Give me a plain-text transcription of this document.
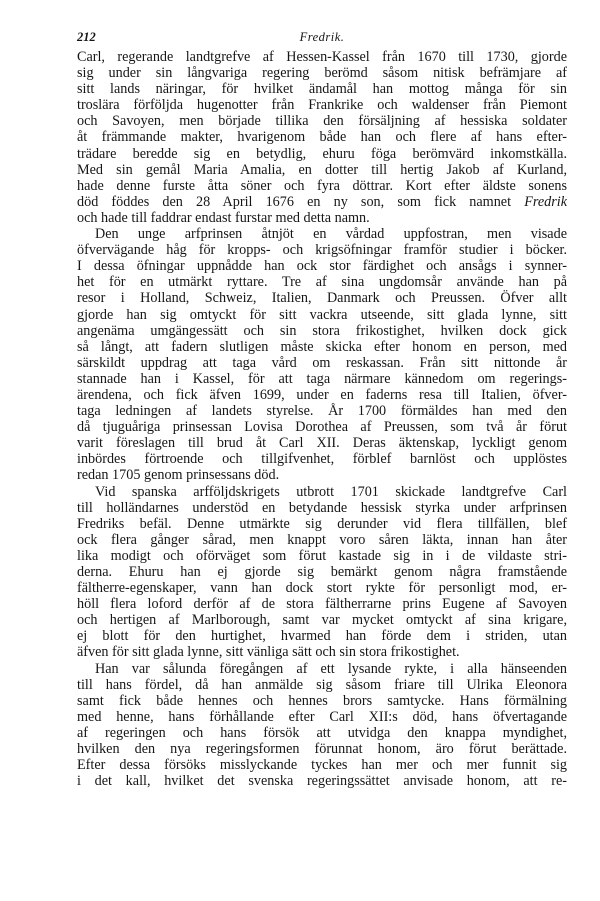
212	Fredrik.
Carl, regerande landtgrefve af Hessen-Kassel från 1670 till 1730, gjorde
sig under sin långvariga regering berömd såsom nitisk befrämjare af
sitt lands näringar, för hvilket ändamål han mottog många för sin
troslära förföljda hugenotter från Frankrike och waldenser från Piemont
och Savoyen, men började tillika den försäljning af hessiska soldater
åt främmande makter, hvarigenom både han och flere af hans efter-
trädare beredde sig en betydlig, ehuru föga berömvärd inkomstkälla.
Med sin gemål Maria Amalia, en dotter till hertig Jakob af Kurland,
hade denne furste åtta söner och fyra döttrar. Kort efter äldste sonens
död föddes den 28 April 1676 en ny son, som fick namnet Fredrik
och hade till faddrar endast furstar med detta namn.
Den unge arfprinsen åtnjöt en vårdad uppfostran, men visade
öfvervägande håg för kropps- och krigsöfningar framför studier i böcker.
I dessa öfningar uppnådde han ock stor färdighet och ansågs i synner-
het för en utmärkt ryttare. Tre af sina ungdomsår använde han på
resor i Holland, Schweiz, Italien, Danmark och Preussen. Öfver allt
gjorde han sig omtyckt för sitt vackra utseende, sitt glada lynne, sitt
angenäma umgängessätt och sin stora frikostighet, hvilken dock gick
så långt, att fadern slutligen måste skicka efter honom en person, med
särskildt uppdrag att taga vård om reskassan. Från sitt nittonde år
stannade han i Kassel, för att taga närmare kännedom om regerings-
ärendena, och fick äfven 1699, under en faderns resa till Italien, öfver-
taga ledningen af landets styrelse. År 1700 förmäldes han med den
då tjuguåriga prinsessan Lovisa Dorothea af Preussen, som två år förut
varit föreslagen till brud åt Carl XII. Deras äktenskap, lyckligt genom
inbördes förtroende och tillgifvenhet, förblef barnlöst och upplöstes
redan 1705 genom prinsessans död.
Vid spanska arfföljdskrigets utbrott 1701 skickade landtgrefve Carl
till holländarnes understöd en betydande hessisk styrka under arfprinsen
Fredriks befäl. Denne utmärkte sig derunder vid flera tillfällen, blef
ock flera gånger sårad, men knappt voro såren läkta, innan han åter
lika modigt och oförväget som förut kastade sig in i de vildaste stri-
derna. Ehuru han ej gjorde sig bemärkt genom några framstående
fältherre-egenskaper, vann han dock stort rykte för personligt mod, er-
höll flera loford derför af de stora fältherrarne prins Eugene af Savoyen
och hertigen af Marlborough, samt var mycket omtyckt af sina krigare,
ej blott för den hurtighet, hvarmed han förde dem i striden, utan
äfven för sitt glada lynne, sitt vänliga sätt och sin stora frikostighet.
Han var sålunda föregången af ett lysande rykte, i alla hänseenden
till hans fördel, då han anmälde sig såsom friare till Ulrika Eleonora
samt fick både hennes och hennes brors samtycke. Hans förmälning
med henne, hans förhållande efter Carl XII:s död, hans öfvertagande
af regeringen och hans försök att utvidga den knappa myndighet,
hvilken den nya regeringsformen förunnat honom, äro förut berättade.
Efter dessa försöks misslyckande tyckes han mer och mer funnit sig
i det kall, hvilket det svenska regeringssättet anvisade honom, att re-
